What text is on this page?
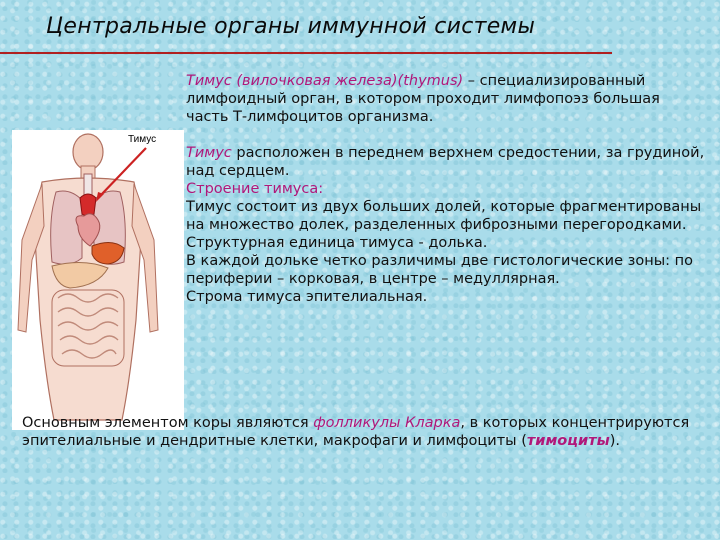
Центральные органы иммунной системы
Тимус

Тимус (вилочковая железа)(thymus) – специализированный лимфоидный орган, в котором проходит лимфопоэз большая часть Т-лимфоцитов организма.

Тимус расположен в переднем верхнем средостении, за грудиной, над сердцем.

Строение тимуса:

Тимус состоит из двух больших долей, которые фрагментированы на множество долек, разделенных фиброзными перегородками.

Структурная единица тимуса - долька.

В каждой дольке четко различимы две гистологические зоны: по периферии – корковая, в центре – медуллярная.

Строма тимуса эпителиальная.

Основным элементом коры являются фолликулы Кларка, в которых концентрируются эпителиальные и дендритные клетки, макрофаги и лимфоциты (тимоциты).
